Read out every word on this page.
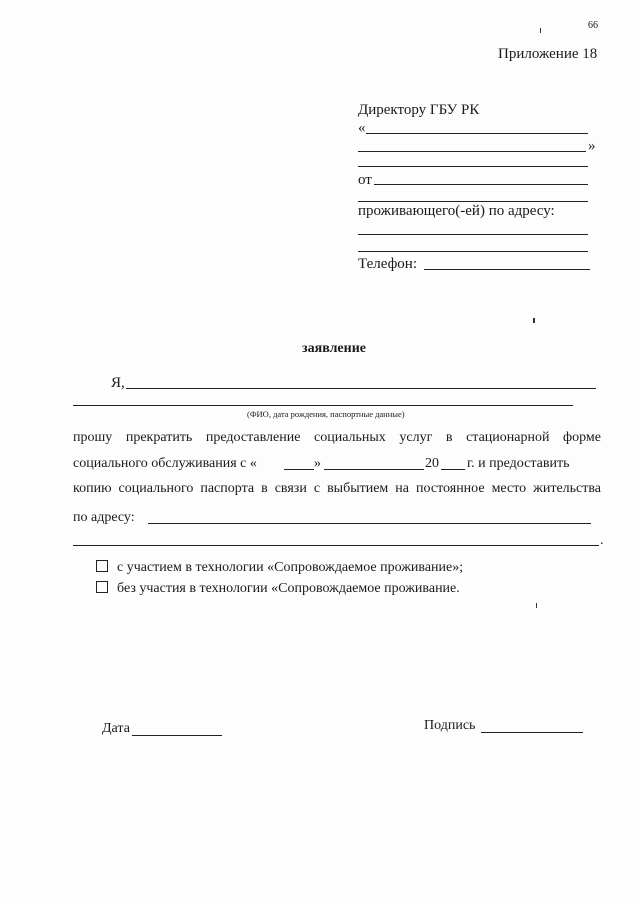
66
Приложение 18
Директору ГБУ РК
«
»
от
проживающего(-ей) по адресу:
Телефон:
заявление
Я,
(ФИО, дата рождения, паспортные данные)
прошу прекратить предоставление социальных услуг в стационарной форме
социального обслуживания с «	»	20 г. и предоставить
копию социального паспорта в связи с выбытием на постоянное место жительства
по адресу:
.
с участием в технологии «Сопровождаемое проживание»;
без участия в технологии «Сопровождаемое проживание.
Дата	Подпись
